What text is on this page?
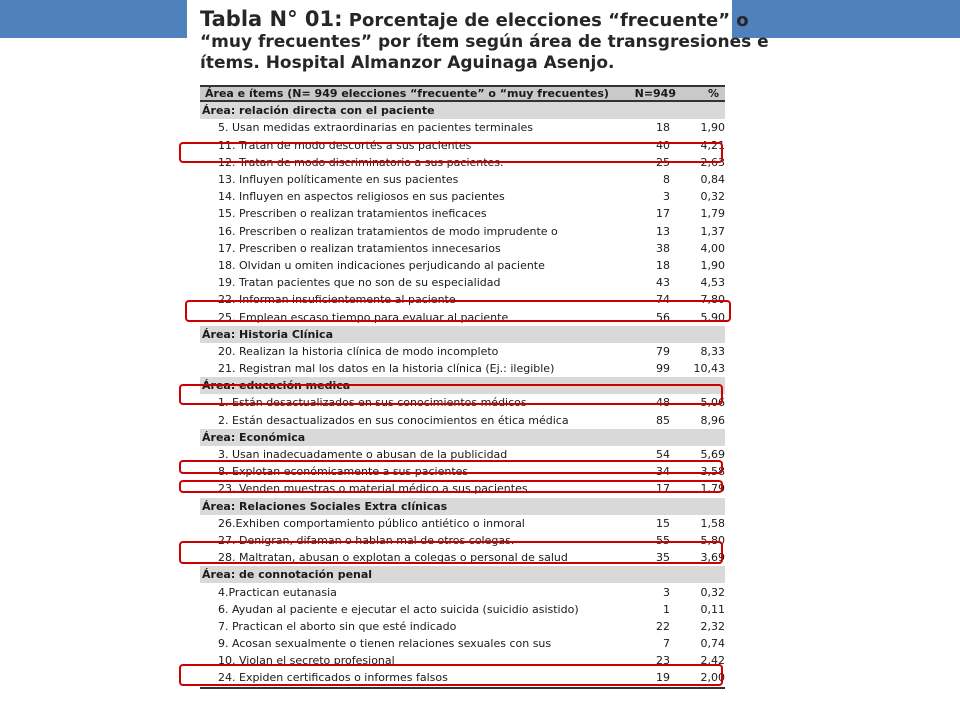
Tabla N° 01: Porcentaje de elecciones “frecuente” o
“muy frecuentes” por ítem según área de transgresiones e
ítems. Hospital Almanzor Aguinaga Asenjo.
Área e ítems (N= 949 elecciones “frecuente” o “muy frecuentes)	N=949	%
Área: relación directa con el paciente
5. Usan medidas extraordinarias en pacientes terminales	18	1,90
11. Tratan de modo descortés a sus pacientes	40	4,21
12. Tratan de modo discriminatorio a sus pacientes.	25	2,63
13. Influyen políticamente en sus pacientes	8	0,84
14. Influyen en aspectos religiosos en sus pacientes	3	0,32
15. Prescriben o realizan tratamientos ineficaces	17	1,79
16. Prescriben o realizan tratamientos de modo imprudente o	13	1,37
17. Prescriben o realizan tratamientos innecesarios	38	4,00
18. Olvidan u omiten indicaciones perjudicando al paciente	18	1,90
19. Tratan pacientes que no son de su especialidad	43	4,53
22. Informan insuficientemente al paciente	74	7,80
25. Emplean escaso tiempo para evaluar al paciente	56	5,90
Área: Historia Clínica
20. Realizan la historia clínica de modo incompleto	79	8,33
21. Registran mal los datos en la historia clínica (Ej.: ilegible)	99	10,43
Área: educación medica
1. Están desactualizados en sus conocimientos médicos	48	5,06
2. Están desactualizados en sus conocimientos en ética médica	85	8,96
Área: Económica
3. Usan inadecuadamente o abusan de la publicidad	54	5,69
8. Explotan económicamente a sus pacientes	34	3,58
23. Venden muestras o material médico a sus pacientes	17	1,79
Área: Relaciones Sociales Extra clínicas
26.Exhiben comportamiento público antiético o inmoral	15	1,58
27. Denigran, difaman o hablan mal de otros colegas.	55	5,80
28. Maltratan, abusan o explotan a colegas o personal de salud	35	3,69
Área: de connotación penal
4.Practican eutanasia	3	0,32
6. Ayudan al paciente e ejecutar el acto suicida (suicidio asistido)	1	0,11
7. Practican el aborto sin que esté indicado	22	2,32
9. Acosan sexualmente o tienen relaciones sexuales con sus	7	0,74
10. Violan el secreto profesional	23	2,42
24. Expiden certificados o informes falsos	19	2,00
